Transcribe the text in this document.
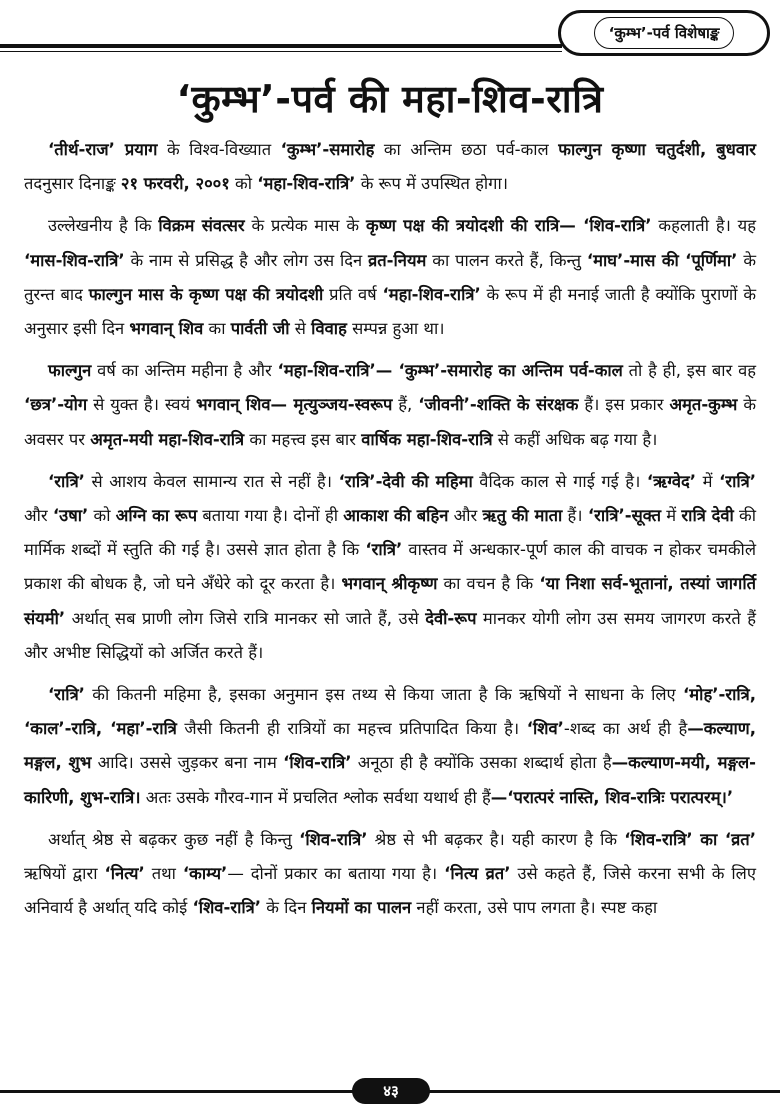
‘कुम्भ’-पर्व विशेषाङ्क
‘कुम्भ’-पर्व की महा-शिव-रात्रि

‘तीर्थ-राज’ प्रयाग के विश्व-विख्यात ‘कुम्भ’-समारोह का अन्तिम छठा पर्व-काल फाल्गुन कृष्णा चतुर्दशी, बुधवार तदनुसार दिनाङ्क २१ फरवरी, २००१ को ‘महा-शिव-रात्रि’ के रूप में उपस्थित होगा।

उल्लेखनीय है कि विक्रम संवत्सर के प्रत्येक मास के कृष्ण पक्ष की त्रयोदशी की रात्रि— ‘शिव-रात्रि’ कहलाती है। यह ‘मास-शिव-रात्रि’ के नाम से प्रसिद्ध है और लोग उस दिन व्रत-नियम का पालन करते हैं, किन्तु ‘माघ’-मास की ‘पूर्णिमा’ के तुरन्त बाद फाल्गुन मास के कृष्ण पक्ष की त्रयोदशी प्रति वर्ष ‘महा-शिव-रात्रि’ के रूप में ही मनाई जाती है क्योंकि पुराणों के अनुसार इसी दिन भगवान् शिव का पार्वती जी से विवाह सम्पन्न हुआ था।

फाल्गुन वर्ष का अन्तिम महीना है और ‘महा-शिव-रात्रि’— ‘कुम्भ’-समारोह का अन्तिम पर्व-काल तो है ही, इस बार वह ‘छत्र’-योग से युक्त है। स्वयं भगवान् शिव— मृत्युञ्जय-स्वरूप हैं, ‘जीवनी’-शक्ति के संरक्षक हैं। इस प्रकार अमृत-कुम्भ के अवसर पर अमृत-मयी महा-शिव-रात्रि का महत्त्व इस बार वार्षिक महा-शिव-रात्रि से कहीं अधिक बढ़ गया है।

‘रात्रि’ से आशय केवल सामान्य रात से नहीं है। ‘रात्रि’-देवी की महिमा वैदिक काल से गाई गई है। ‘ऋग्वेद’ में ‘रात्रि’ और ‘उषा’ को अग्नि का रूप बताया गया है। दोनों ही आकाश की बहिन और ऋतु की माता हैं। ‘रात्रि’-सूक्त में रात्रि देवी की मार्मिक शब्दों में स्तुति की गई है। उससे ज्ञात होता है कि ‘रात्रि’ वास्तव में अन्धकार-पूर्ण काल की वाचक न होकर चमकीले प्रकाश की बोधक है, जो घने अँधेरे को दूर करता है। भगवान् श्रीकृष्ण का वचन है कि ‘या निशा सर्व-भूतानां, तस्यां जागर्ति संयमी’ अर्थात् सब प्राणी लोग जिसे रात्रि मानकर सो जाते हैं, उसे देवी-रूप मानकर योगी लोग उस समय जागरण करते हैं और अभीष्ट सिद्धियों को अर्जित करते हैं।

‘रात्रि’ की कितनी महिमा है, इसका अनुमान इस तथ्य से किया जाता है कि ऋषियों ने साधना के लिए ‘मोह’-रात्रि, ‘काल’-रात्रि, ‘महा’-रात्रि जैसी कितनी ही रात्रियों का महत्त्व प्रतिपादित किया है। ‘शिव’-शब्द का अर्थ ही है—कल्याण, मङ्गल, शुभ आदि। उससे जुड़कर बना नाम ‘शिव-रात्रि’ अनूठा ही है क्योंकि उसका शब्दार्थ होता है—कल्याण-मयी, मङ्गल-कारिणी, शुभ-रात्रि। अतः उसके गौरव-गान में प्रचलित श्लोक सर्वथा यथार्थ ही हैं—‘परात्परं नास्ति, शिव-रात्रिः परात्परम्।’

अर्थात् श्रेष्ठ से बढ़कर कुछ नहीं है किन्तु ‘शिव-रात्रि’ श्रेष्ठ से भी बढ़कर है। यही कारण है कि ‘शिव-रात्रि’ का ‘व्रत’ ऋषियों द्वारा ‘नित्य’ तथा ‘काम्य’— दोनों प्रकार का बताया गया है। ‘नित्य व्रत’ उसे कहते हैं, जिसे करना सभी के लिए अनिवार्य है अर्थात् यदि कोई ‘शिव-रात्रि’ के दिन नियमों का पालन नहीं करता, उसे पाप लगता है। स्पष्ट कहा

४३
